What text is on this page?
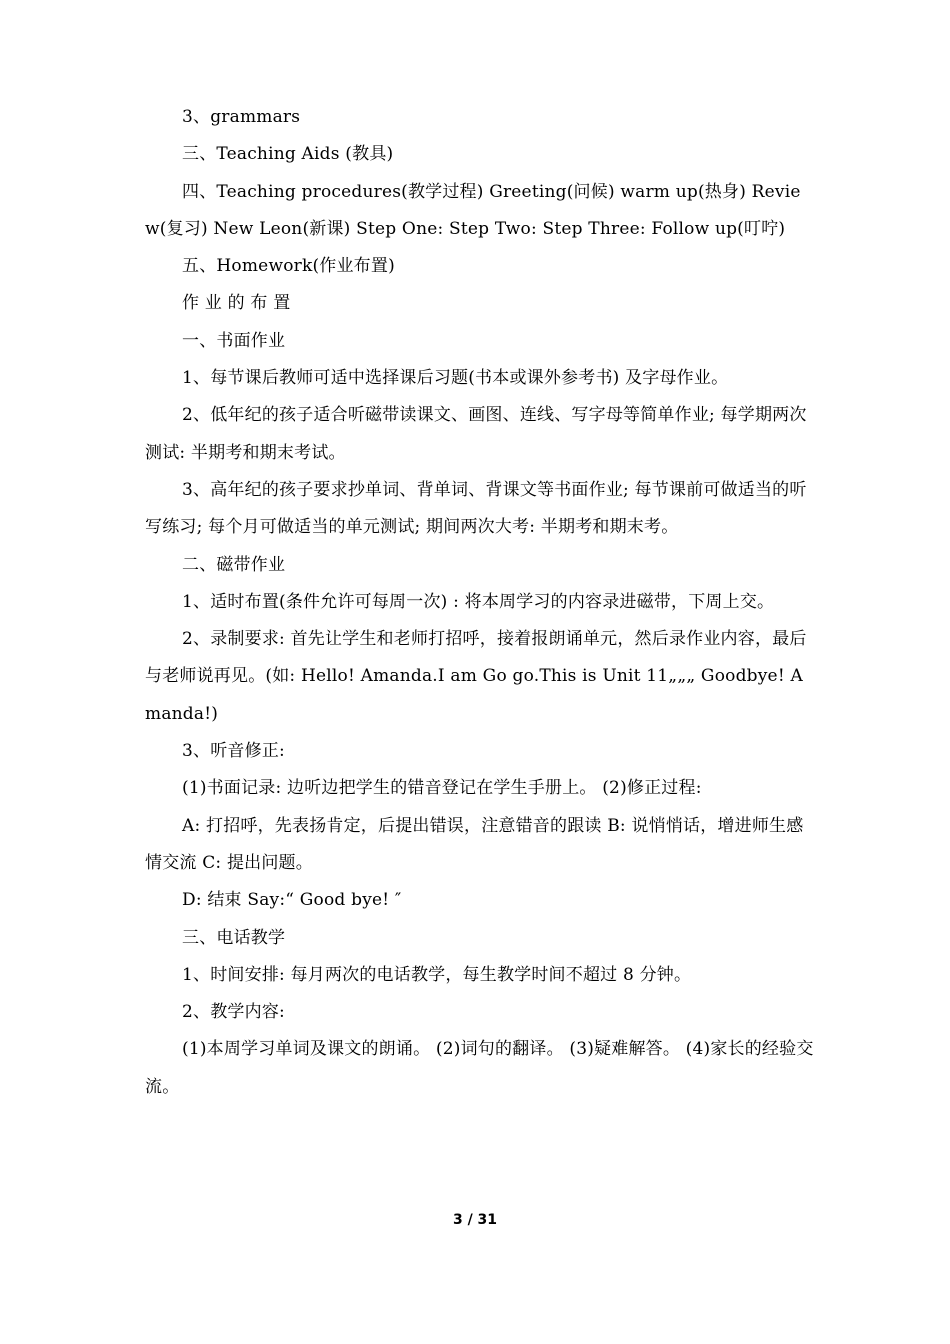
3、grammars

三、Teaching Aids (教具)

四、Teaching procedures(教学过程) Greeting(问候) warm up(热身) Review(复习) New Leon(新课) Step One: Step Two: Step Three: Follow up(叮咛)

五、Homework(作业布置)

作 业 的 布 置

一、书面作业

1、每节课后教师可适中选择课后习题(书本或课外参考书) 及字母作业。

2、低年纪的孩子适合听磁带读课文、画图、连线、写字母等简单作业; 每学期两次测试: 半期考和期末考试。

3、高年纪的孩子要求抄单词、背单词、背课文等书面作业; 每节课前可做适当的听写练习; 每个月可做适当的单元测试; 期间两次大考: 半期考和期末考。

二、磁带作业

1、适时布置(条件允许可每周一次) : 将本周学习的内容录进磁带，下周上交。

2、录制要求: 首先让学生和老师打招呼，接着报朗诵单元，然后录作业内容，最后与老师说再见。(如: Hello! Amanda.I am Go go.This is Unit 11„„„ Goodbye! Amanda!)

3、听音修正:

(1)书面记录: 边听边把学生的错音登记在学生手册上。 (2)修正过程:

A: 打招呼，先表扬肯定，后提出错误，注意错音的跟读 B: 说悄悄话，增进师生感情交流 C: 提出问题。

D: 结束 Say:“ Good bye! ″

三、电话教学

1、时间安排: 每月两次的电话教学，每生教学时间不超过 8 分钟。

2、教学内容:

(1)本周学习单词及课文的朗诵。 (2)词句的翻译。 (3)疑难解答。 (4)家长的经验交流。

3 / 31
